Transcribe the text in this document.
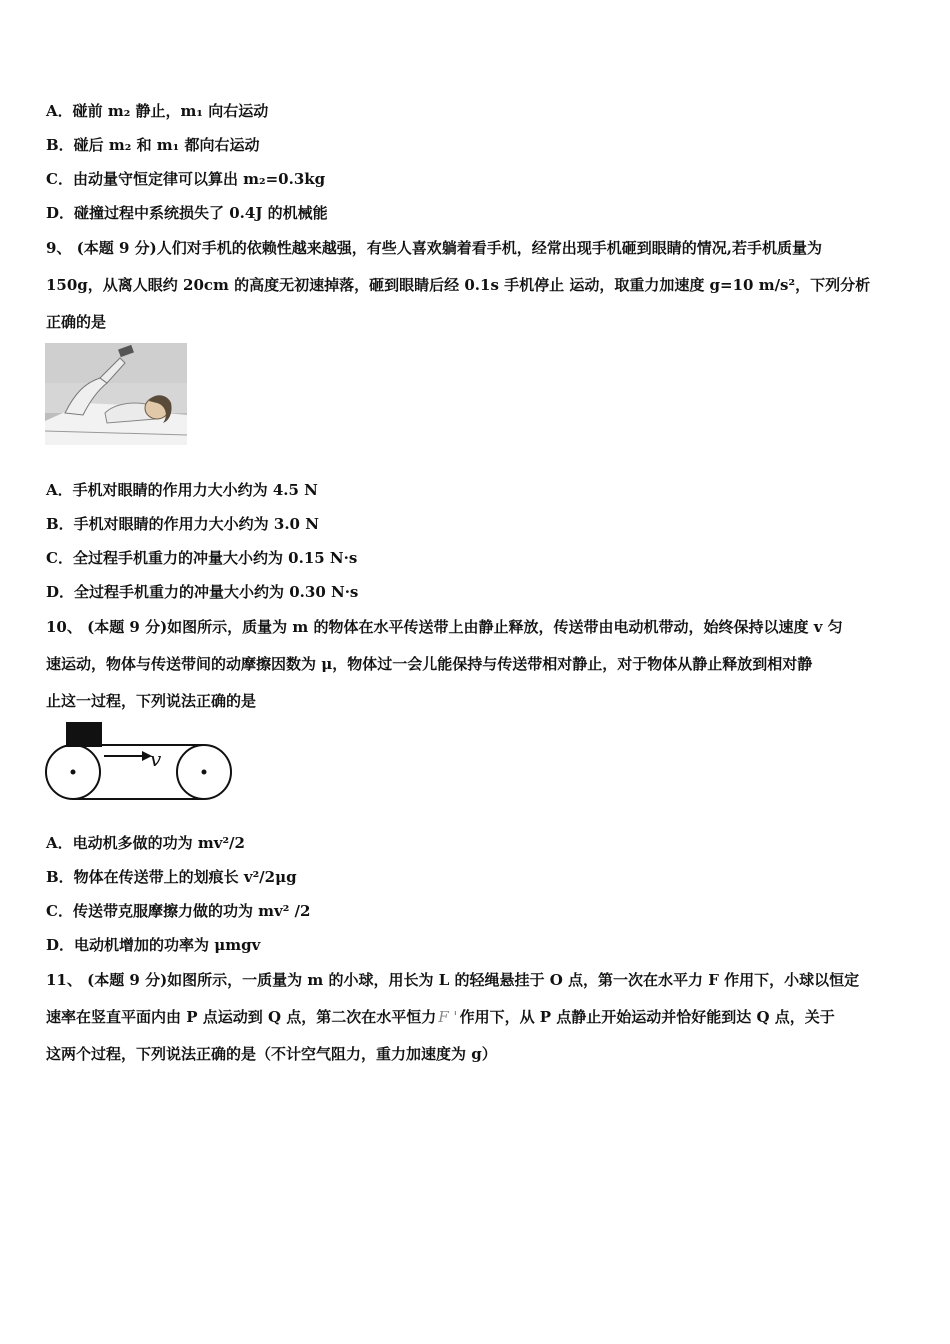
A．碰前 m₂ 静止，m₁ 向右运动
B．碰后 m₂ 和 m₁ 都向右运动
C．由动量守恒定律可以算出 m₂=0.3kg
D．碰撞过程中系统损失了 0.4J 的机械能
9、 (本题 9 分)人们对手机的依赖性越来越强，有些人喜欢躺着看手机，经常出现手机砸到眼睛的情况,若手机质量为
150g，从离人眼约 20cm 的高度无初速掉落，砸到眼睛后经 0.1s 手机停止 运动，取重力加速度 g=10 m/s²，下列分析
正确的是
A．手机对眼睛的作用力大小约为 4.5 N
B．手机对眼睛的作用力大小约为 3.0 N
C．全过程手机重力的冲量大小约为 0.15 N·s
D．全过程手机重力的冲量大小约为 0.30 N·s
10、 (本题 9 分)如图所示，质量为 m 的物体在水平传送带上由静止释放，传送带由电动机带动，始终保持以速度 v 匀
速运动，物体与传送带间的动摩擦因数为 μ，物体过一会儿能保持与传送带相对静止，对于物体从静止释放到相对静
止这一过程，下列说法正确的是
v
A．电动机多做的功为 mv²/2
B．物体在传送带上的划痕长 v²/2μg
C．传送带克服摩擦力做的功为 mv² /2
D．电动机增加的功率为 μmgv
11、 (本题 9 分)如图所示，一质量为 m 的小球，用长为 L 的轻绳悬挂于 O 点，第一次在水平力 F 作用下，小球以恒定
速率在竖直平面内由 P 点运动到 Q 点，第二次在水平恒力 F ' 作用下，从 P 点静止开始运动并恰好能到达 Q 点，关于
这两个过程，下列说法正确的是（不计空气阻力，重力加速度为 g）
